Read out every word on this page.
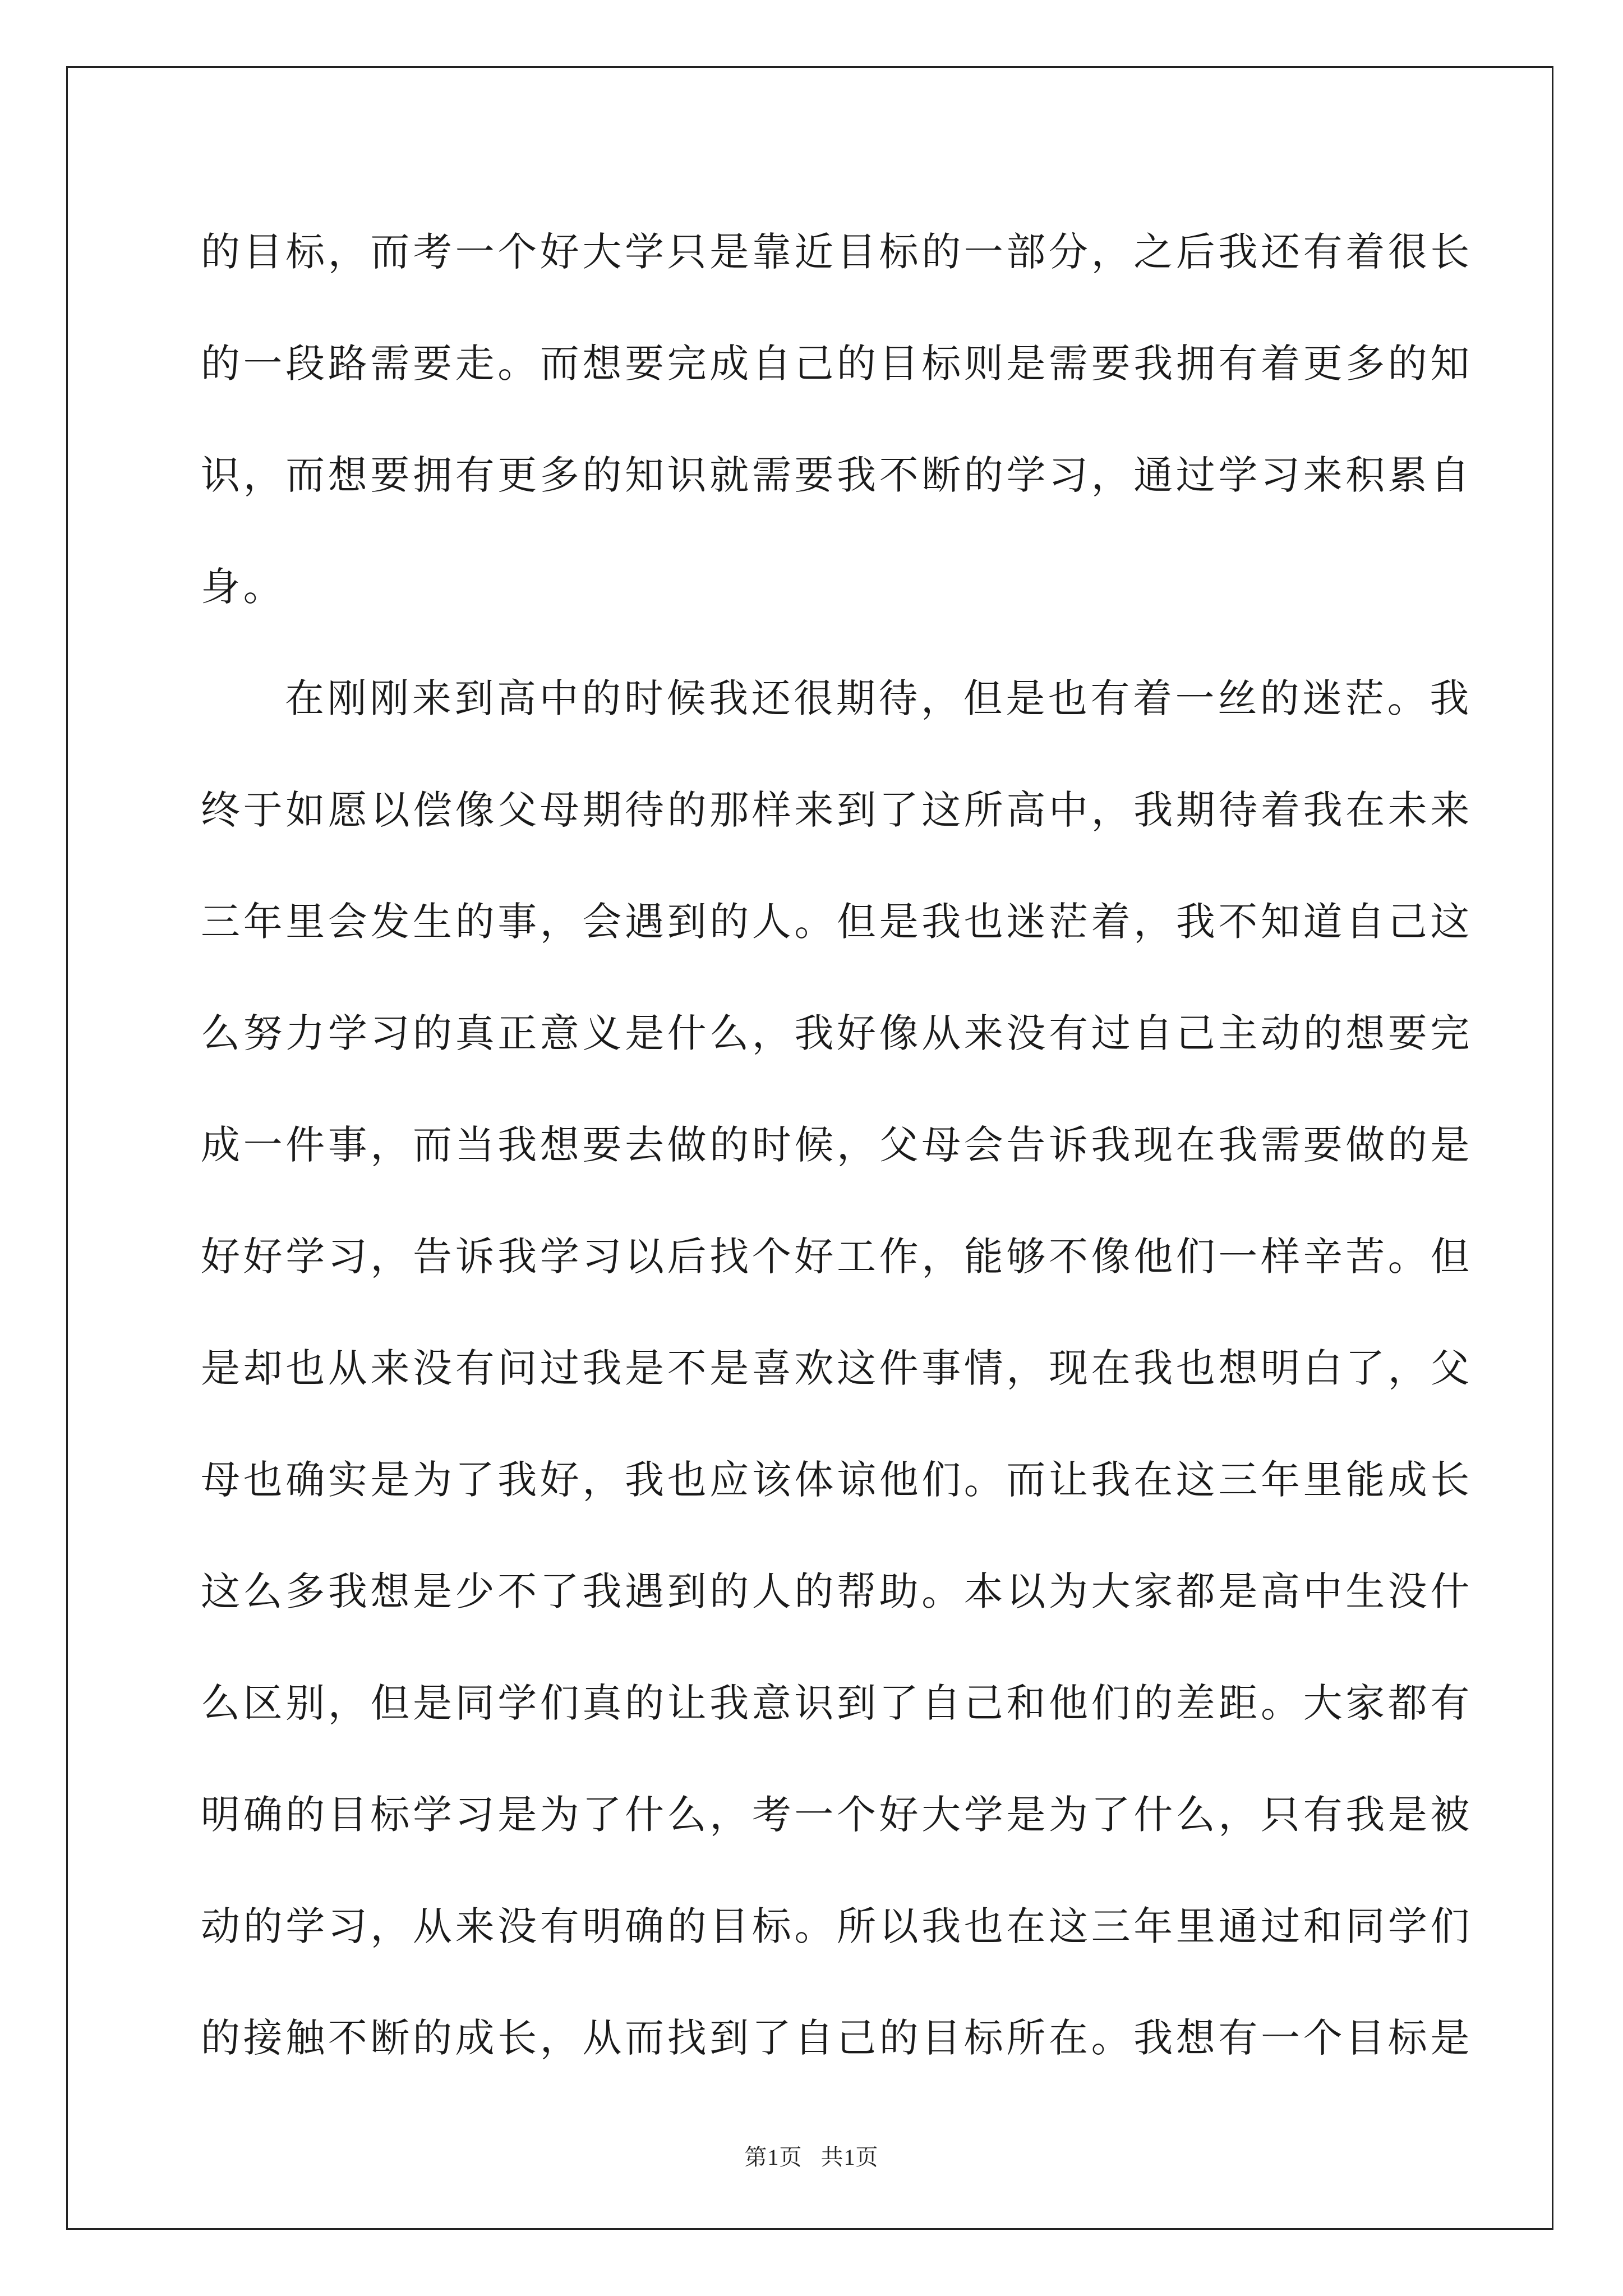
的目标，而考一个好大学只是靠近目标的一部分，之后我还有着很长
的一段路需要走。而想要完成自己的目标则是需要我拥有着更多的知
识，而想要拥有更多的知识就需要我不断的学习，通过学习来积累自
身。
在刚刚来到高中的时候我还很期待，但是也有着一丝的迷茫。我
终于如愿以偿像父母期待的那样来到了这所高中，我期待着我在未来
三年里会发生的事，会遇到的人。但是我也迷茫着，我不知道自己这
么努力学习的真正意义是什么，我好像从来没有过自己主动的想要完
成一件事，而当我想要去做的时候，父母会告诉我现在我需要做的是
好好学习，告诉我学习以后找个好工作，能够不像他们一样辛苦。但
是却也从来没有问过我是不是喜欢这件事情，现在我也想明白了，父
母也确实是为了我好，我也应该体谅他们。而让我在这三年里能成长
这么多我想是少不了我遇到的人的帮助。本以为大家都是高中生没什
么区别，但是同学们真的让我意识到了自己和他们的差距。大家都有
明确的目标学习是为了什么，考一个好大学是为了什么，只有我是被
动的学习，从来没有明确的目标。所以我也在这三年里通过和同学们
的接触不断的成长，从而找到了自己的目标所在。我想有一个目标是
第1页 共1页
